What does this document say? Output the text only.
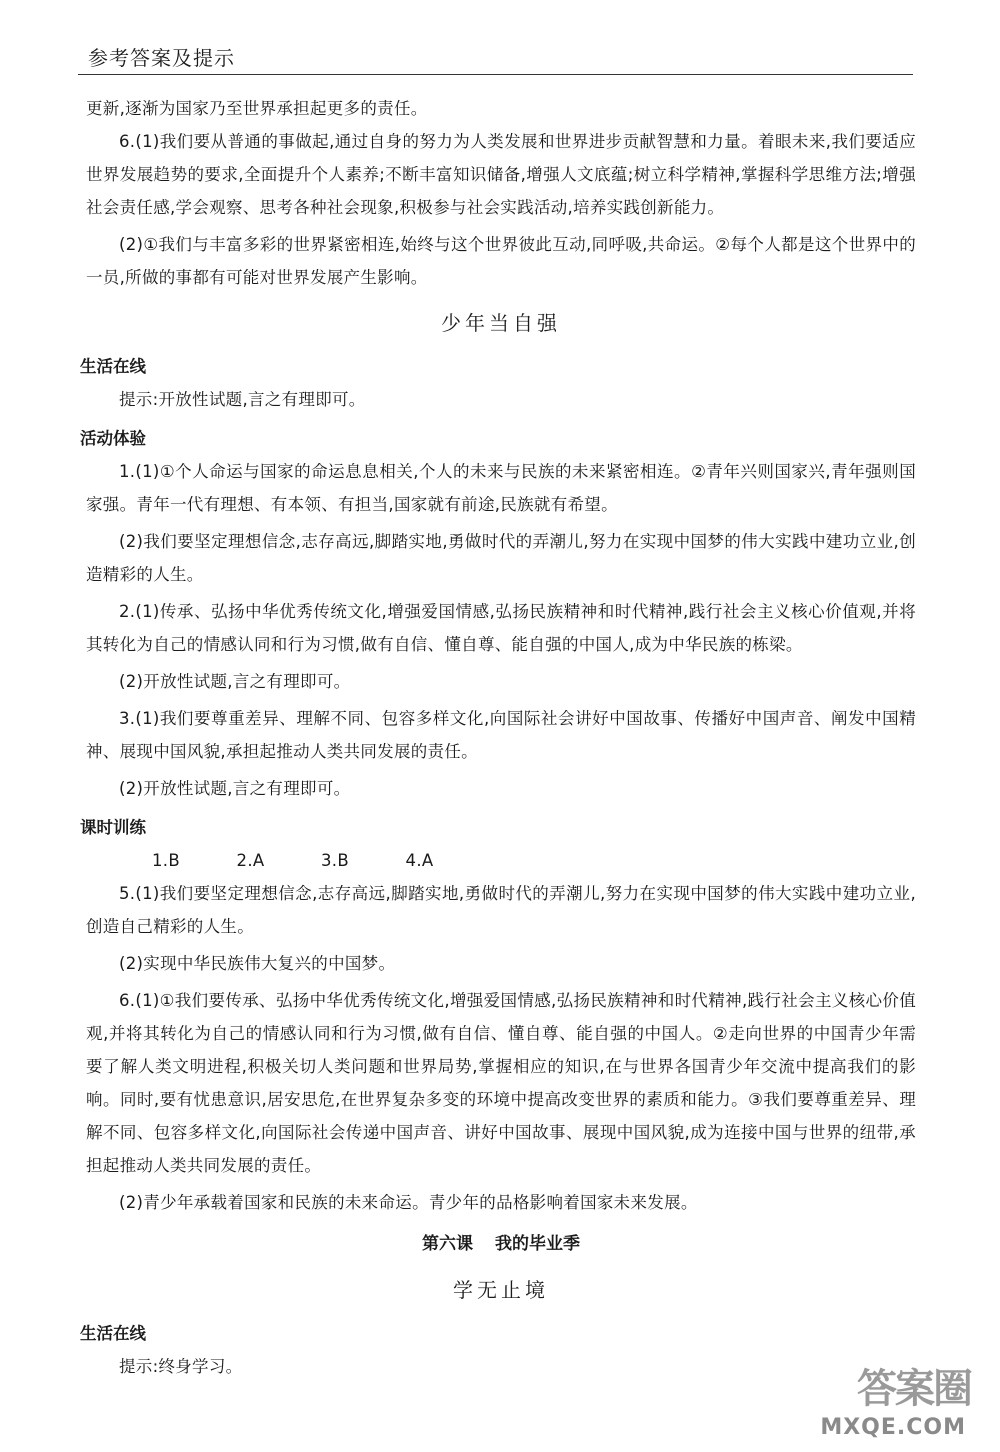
参考答案及提示

更新,逐渐为国家乃至世界承担起更多的责任。

6.(1)我们要从普通的事做起,通过自身的努力为人类发展和世界进步贡献智慧和力量。着眼未来,我们要适应世界发展趋势的要求,全面提升个人素养;不断丰富知识储备,增强人文底蕴;树立科学精神,掌握科学思维方法;增强社会责任感,学会观察、思考各种社会现象,积极参与社会实践活动,培养实践创新能力。

(2)①我们与丰富多彩的世界紧密相连,始终与这个世界彼此互动,同呼吸,共命运。②每个人都是这个世界中的一员,所做的事都有可能对世界发展产生影响。

少年当自强
生活在线

提示:开放性试题,言之有理即可。

活动体验

1.(1)①个人命运与国家的命运息息相关,个人的未来与民族的未来紧密相连。②青年兴则国家兴,青年强则国家强。青年一代有理想、有本领、有担当,国家就有前途,民族就有希望。

(2)我们要坚定理想信念,志存高远,脚踏实地,勇做时代的弄潮儿,努力在实现中国梦的伟大实践中建功立业,创造精彩的人生。

2.(1)传承、弘扬中华优秀传统文化,增强爱国情感,弘扬民族精神和时代精神,践行社会主义核心价值观,并将其转化为自己的情感认同和行为习惯,做有自信、懂自尊、能自强的中国人,成为中华民族的栋梁。

(2)开放性试题,言之有理即可。

3.(1)我们要尊重差异、理解不同、包容多样文化,向国际社会讲好中国故事、传播好中国声音、阐发中国精神、展现中国风貌,承担起推动人类共同发展的责任。

(2)开放性试题,言之有理即可。

课时训练

1.B	2.A	3.B	4.A

5.(1)我们要坚定理想信念,志存高远,脚踏实地,勇做时代的弄潮儿,努力在实现中国梦的伟大实践中建功立业,创造自己精彩的人生。

(2)实现中华民族伟大复兴的中国梦。

6.(1)①我们要传承、弘扬中华优秀传统文化,增强爱国情感,弘扬民族精神和时代精神,践行社会主义核心价值观,并将其转化为自己的情感认同和行为习惯,做有自信、懂自尊、能自强的中国人。②走向世界的中国青少年需要了解人类文明进程,积极关切人类问题和世界局势,掌握相应的知识,在与世界各国青少年交流中提高我们的影响。同时,要有忧患意识,居安思危,在世界复杂多变的环境中提高改变世界的素质和能力。③我们要尊重差异、理解不同、包容多样文化,向国际社会传递中国声音、讲好中国故事、展现中国风貌,成为连接中国与世界的纽带,承担起推动人类共同发展的责任。

(2)青少年承载着国家和民族的未来命运。青少年的品格影响着国家未来发展。

第六课 我的毕业季
学无止境
生活在线

提示:终身学习。	答案圈
MXQE.COM
